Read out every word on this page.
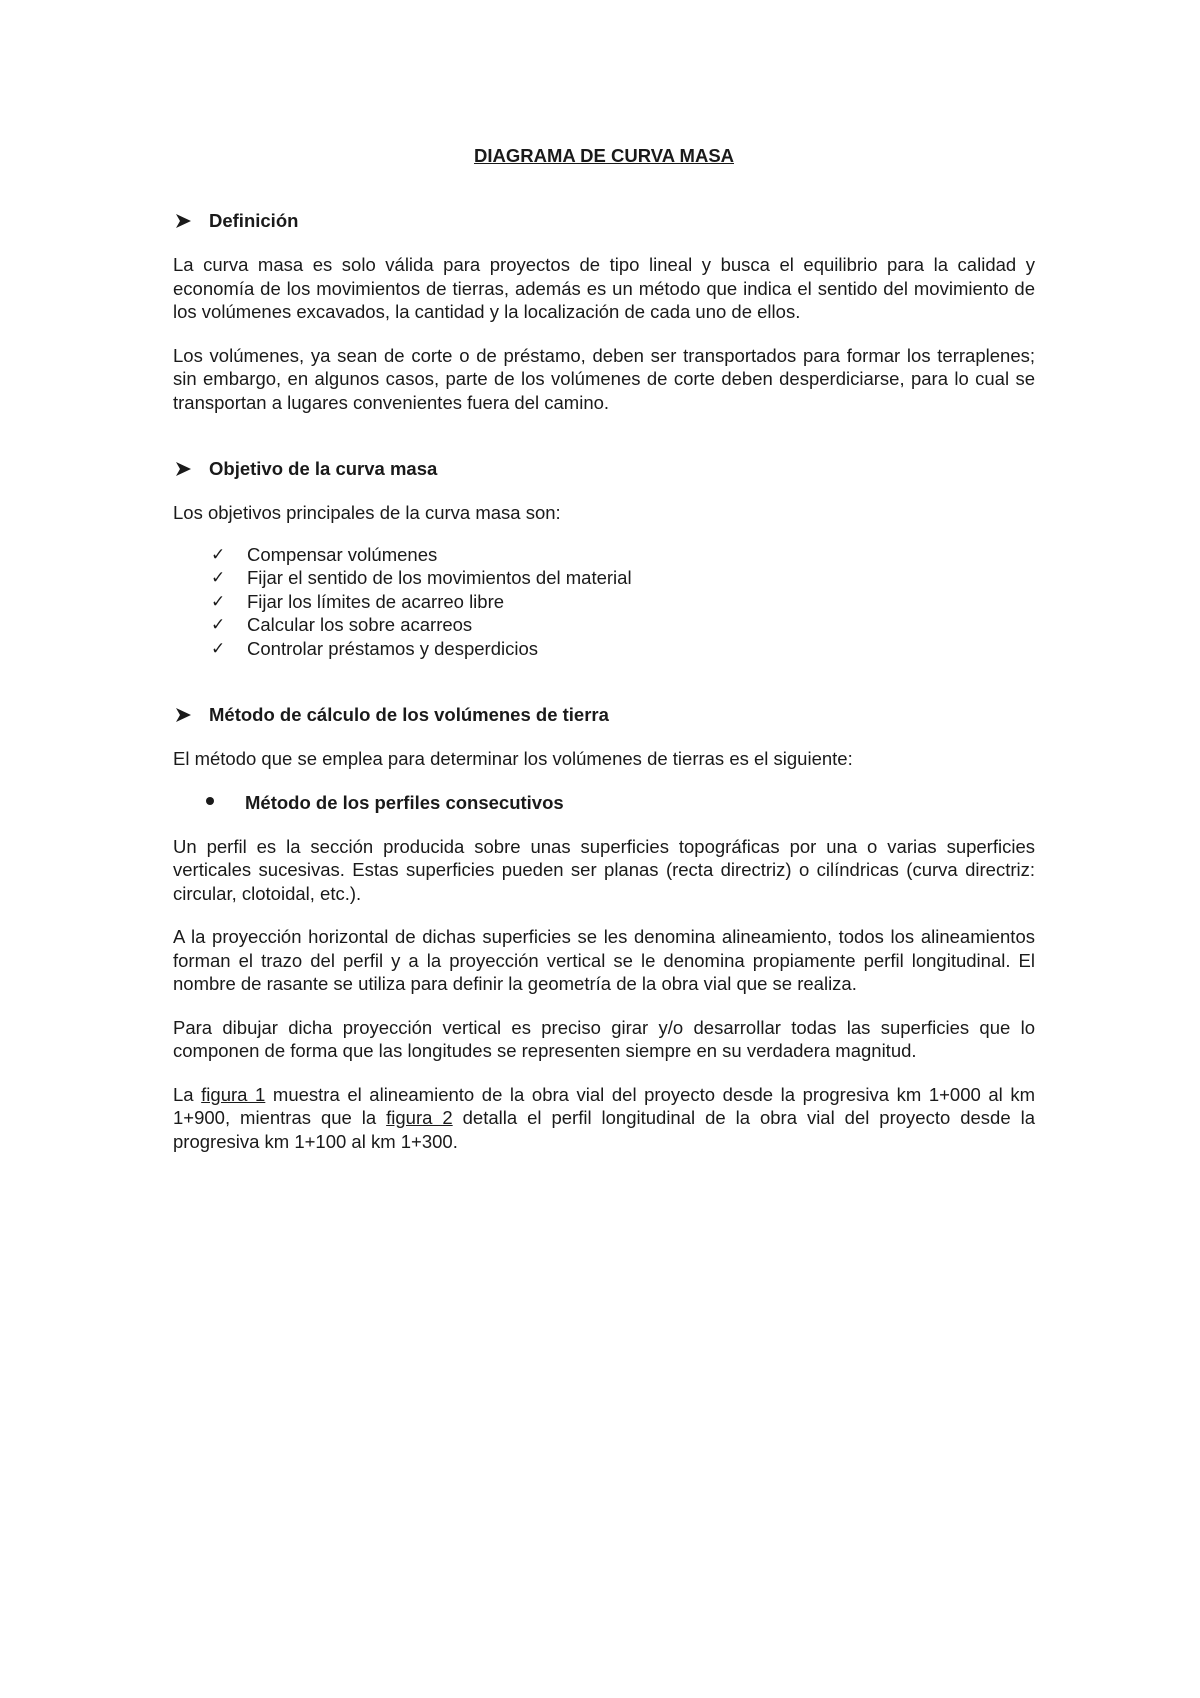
DIAGRAMA DE CURVA MASA
Definición

La curva masa es solo válida para proyectos de tipo lineal y busca el equilibrio para la calidad y economía de los movimientos de tierras, además es un método que indica el sentido del movimiento de los volúmenes excavados, la cantidad y la localización de cada uno de ellos.

Los volúmenes, ya sean de corte o de préstamo, deben ser transportados para formar los terraplenes; sin embargo, en algunos casos, parte de los volúmenes de corte deben desperdiciarse, para lo cual se transportan a lugares convenientes fuera del camino.

Objetivo de la curva masa

Los objetivos principales de la curva masa son:

✓	Compensar volúmenes
✓	Fijar el sentido de los movimientos del material
✓	Fijar los límites de acarreo libre
✓	Calcular los sobre acarreos
✓	Controlar préstamos y desperdicios
Método de cálculo de los volúmenes de tierra

El método que se emplea para determinar los volúmenes de tierras es el siguiente:

Método de los perfiles consecutivos

Un perfil es la sección producida sobre unas superficies topográficas por una o varias superficies verticales sucesivas. Estas superficies pueden ser planas (recta directriz) o cilíndricas (curva directriz: circular, clotoidal, etc.).

A la proyección horizontal de dichas superficies se les denomina alineamiento, todos los alineamientos forman el trazo del perfil y a la proyección vertical se le denomina propiamente perfil longitudinal. El nombre de rasante se utiliza para definir la geometría de la obra vial que se realiza.

Para dibujar dicha proyección vertical es preciso girar y/o desarrollar todas las superficies que lo componen de forma que las longitudes se representen siempre en su verdadera magnitud.

La figura 1 muestra el alineamiento de la obra vial del proyecto desde la progresiva km 1+000 al km 1+900, mientras que la figura 2 detalla el perfil longitudinal de la obra vial del proyecto desde la progresiva km 1+100 al km 1+300.
